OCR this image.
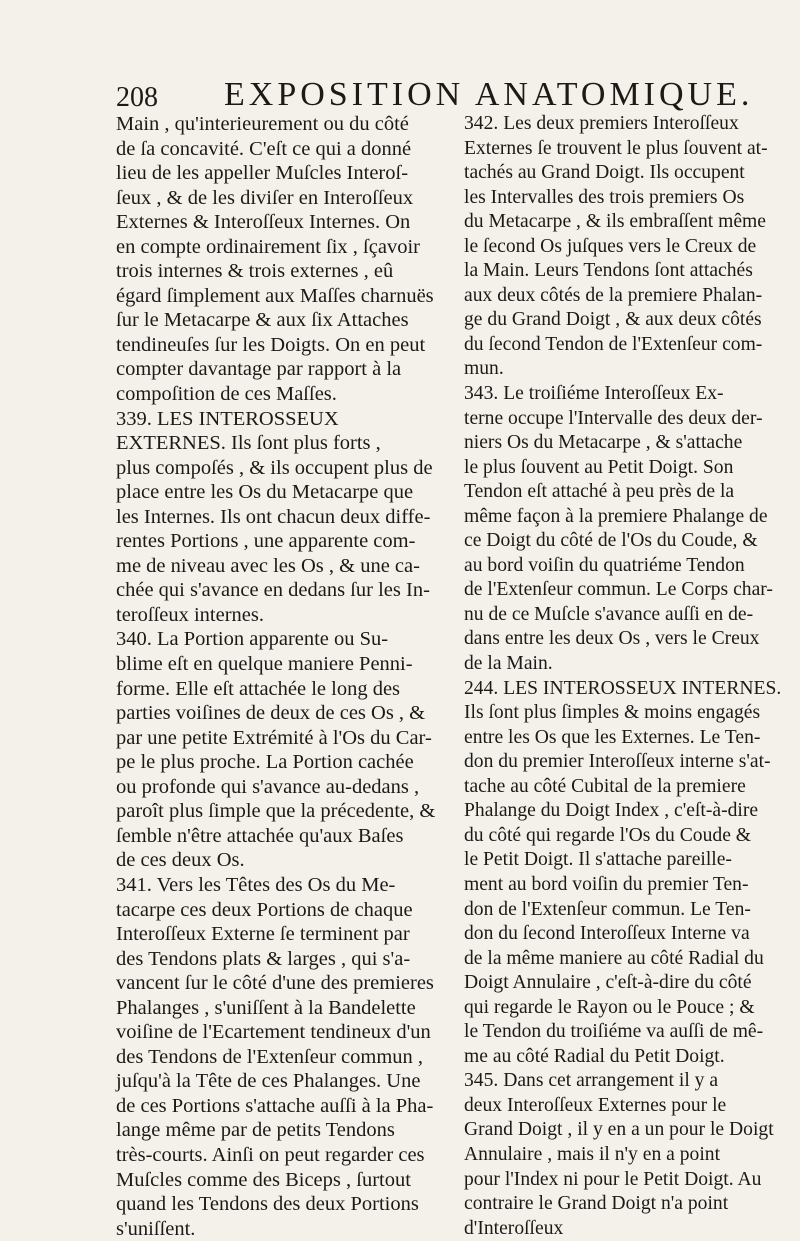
208 EXPOSITION ANATOMIQUE.
Main , qu'interieurement ou du côté
de ſa concavité. C'eſt ce qui a donné
lieu de les appeller Muſcles Interoſ-
ſeux , & de les diviſer en Interoſſeux
Externes & Interoſſeux Internes. On
en compte ordinairement ſix , ſçavoir
trois internes & trois externes , eû
égard ſimplement aux Maſſes charnuës
ſur le Metacarpe & aux ſix Attaches
tendineuſes ſur les Doigts. On en peut
compter davantage par rapport à la
compoſition de ces Maſſes.
339. LES INTEROSSEUX
EXTERNES. Ils ſont plus forts ,
plus compoſés , & ils occupent plus de
place entre les Os du Metacarpe que
les Internes. Ils ont chacun deux diffe-
rentes Portions , une apparente com-
me de niveau avec les Os , & une ca-
chée qui s'avance en dedans ſur les In-
teroſſeux internes.
340. La Portion apparente ou Su-
blime eſt en quelque maniere Penni-
forme. Elle eſt attachée le long des
parties voiſines de deux de ces Os , &
par une petite Extrémité à l'Os du Car-
pe le plus proche. La Portion cachée
ou profonde qui s'avance au-dedans ,
paroît plus ſimple que la précedente, &
ſemble n'être attachée qu'aux Baſes
de ces deux Os.
341. Vers les Têtes des Os du Me-
tacarpe ces deux Portions de chaque
Interoſſeux Externe ſe terminent par
des Tendons plats & larges , qui s'a-
vancent ſur le côté d'une des premieres
Phalanges , s'uniſſent à la Bandelette
voiſine de l'Ecartement tendineux d'un
des Tendons de l'Extenſeur commun ,
juſqu'à la Tête de ces Phalanges. Une
de ces Portions s'attache auſſi à la Pha-
lange même par de petits Tendons
très-courts. Ainſi on peut regarder ces
Muſcles comme des Biceps , ſurtout
quand les Tendons des deux Portions
s'uniſſent.
342. Les deux premiers Interoſſeux
Externes ſe trouvent le plus ſouvent at-
tachés au Grand Doigt. Ils occupent
les Intervalles des trois premiers Os
du Metacarpe , & ils embraſſent même
le ſecond Os juſques vers le Creux de
la Main. Leurs Tendons ſont attachés
aux deux côtés de la premiere Phalan-
ge du Grand Doigt , & aux deux côtés
du ſecond Tendon de l'Extenſeur com-
mun.
343. Le troiſiéme Interoſſeux Ex-
terne occupe l'Intervalle des deux der-
niers Os du Metacarpe , & s'attache
le plus ſouvent au Petit Doigt. Son
Tendon eſt attaché à peu près de la
même façon à la premiere Phalange de
ce Doigt du côté de l'Os du Coude, &
au bord voiſin du quatriéme Tendon
de l'Extenſeur commun. Le Corps char-
nu de ce Muſcle s'avance auſſi en de-
dans entre les deux Os , vers le Creux
de la Main.
244. LES INTEROSSEUX INTERNES.
Ils ſont plus ſimples & moins engagés
entre les Os que les Externes. Le Ten-
don du premier Interoſſeux interne s'at-
tache au côté Cubital de la premiere
Phalange du Doigt Index , c'eſt-à-dire
du côté qui regarde l'Os du Coude &
le Petit Doigt. Il s'attache pareille-
ment au bord voiſin du premier Ten-
don de l'Extenſeur commun. Le Ten-
don du ſecond Interoſſeux Interne va
de la même maniere au côté Radial du
Doigt Annulaire , c'eſt-à-dire du côté
qui regarde le Rayon ou le Pouce ; &
le Tendon du troiſiéme va auſſi de mê-
me au côté Radial du Petit Doigt.
345. Dans cet arrangement il y a
deux Interoſſeux Externes pour le
Grand Doigt , il y en a un pour le Doigt
Annulaire , mais il n'y en a point
pour l'Index ni pour le Petit Doigt. Au
contraire le Grand Doigt n'a point
d'Interoſſeux
